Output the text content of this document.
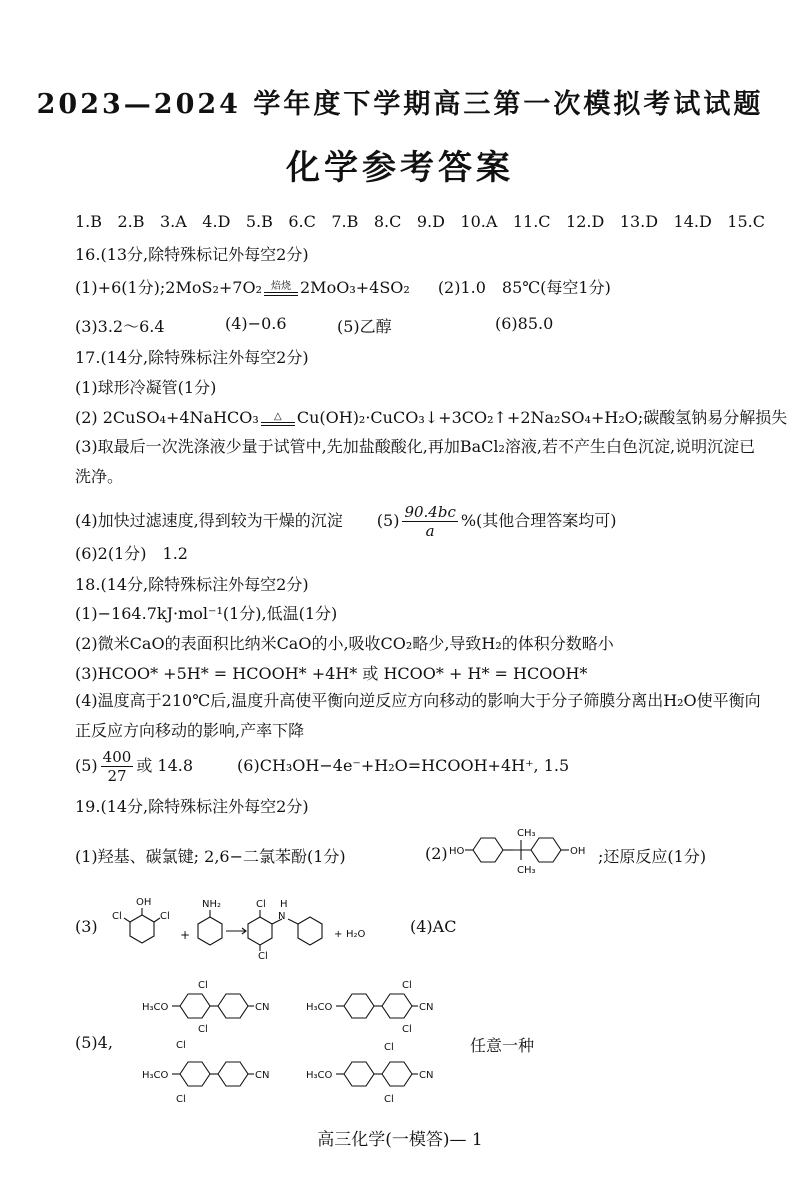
2023—2024 学年度下学期高三第一次模拟考试试题
化学参考答案
1.B 2.B 3.A 4.D 5.B 6.C 7.B 8.C 9.D 10.A 11.C 12.D 13.D 14.D 15.C
16.(13分,除特殊标记外每空2分)
(1)+6(1分);2MoS₂+7O₂ 焙烧 2MoO₃+4SO₂ (2)1.0　85℃(每空1分)
(3)3.2～6.4	(4)−0.6	(5)乙醇	(6)85.0
17.(14分,除特殊标注外每空2分)
(1)球形冷凝管(1分)
(2) 2CuSO₄+4NaHCO₃ △ Cu(OH)₂·CuCO₃↓+3CO₂↑+2Na₂SO₄+H₂O;碳酸氢钠易分解损失
(3)取最后一次洗涤液少量于试管中,先加盐酸酸化,再加BaCl₂溶液,若不产生白色沉淀,说明沉淀已洗净。
(4)加快过滤速度,得到较为干燥的沉淀 $(5) \frac{90.4bc}{a}$ %(其他合理答案均可)
(6)2(1分)　1.2
18.(14分,除特殊标注外每空2分)
(1)−164.7kJ·mol⁻¹(1分),低温(1分)
(2)微米CaO的表面积比纳米CaO的小,吸收CO₂略少,导致H₂的体积分数略小
(3)HCOO* +5H* = HCOOH* +4H* 或 HCOO* + H* = HCOOH*
(4)温度高于210℃后,温度升高使平衡向逆反应方向移动的影响大于分子筛膜分离出H₂O使平衡向正反应方向移动的影响,产率下降
$(5) \frac{400}{27}$ 或 14.8	(6)CH₃OH−4e⁻+H₂O=HCOOH+4H⁺, 1.5
19.(14分,除特殊标注外每空2分)
(1)羟基、碳氯键; 2,6−二氯苯酚(1分)	(2)	;还原反应(1分)
HO
CH₃
CH₃
OH
(3)
OH
Cl	Cl
+
NH₂	Cl
Cl
H
N
+ H₂O	(4)AC
(5)4,	任意一种
H₃CO
Cl
Cl
CN	H₃CO
Cl
Cl
CN
Cl
H₃CO
Cl
CN	H₃CO
Cl
Cl
CN
高三化学(一模答)— 1
